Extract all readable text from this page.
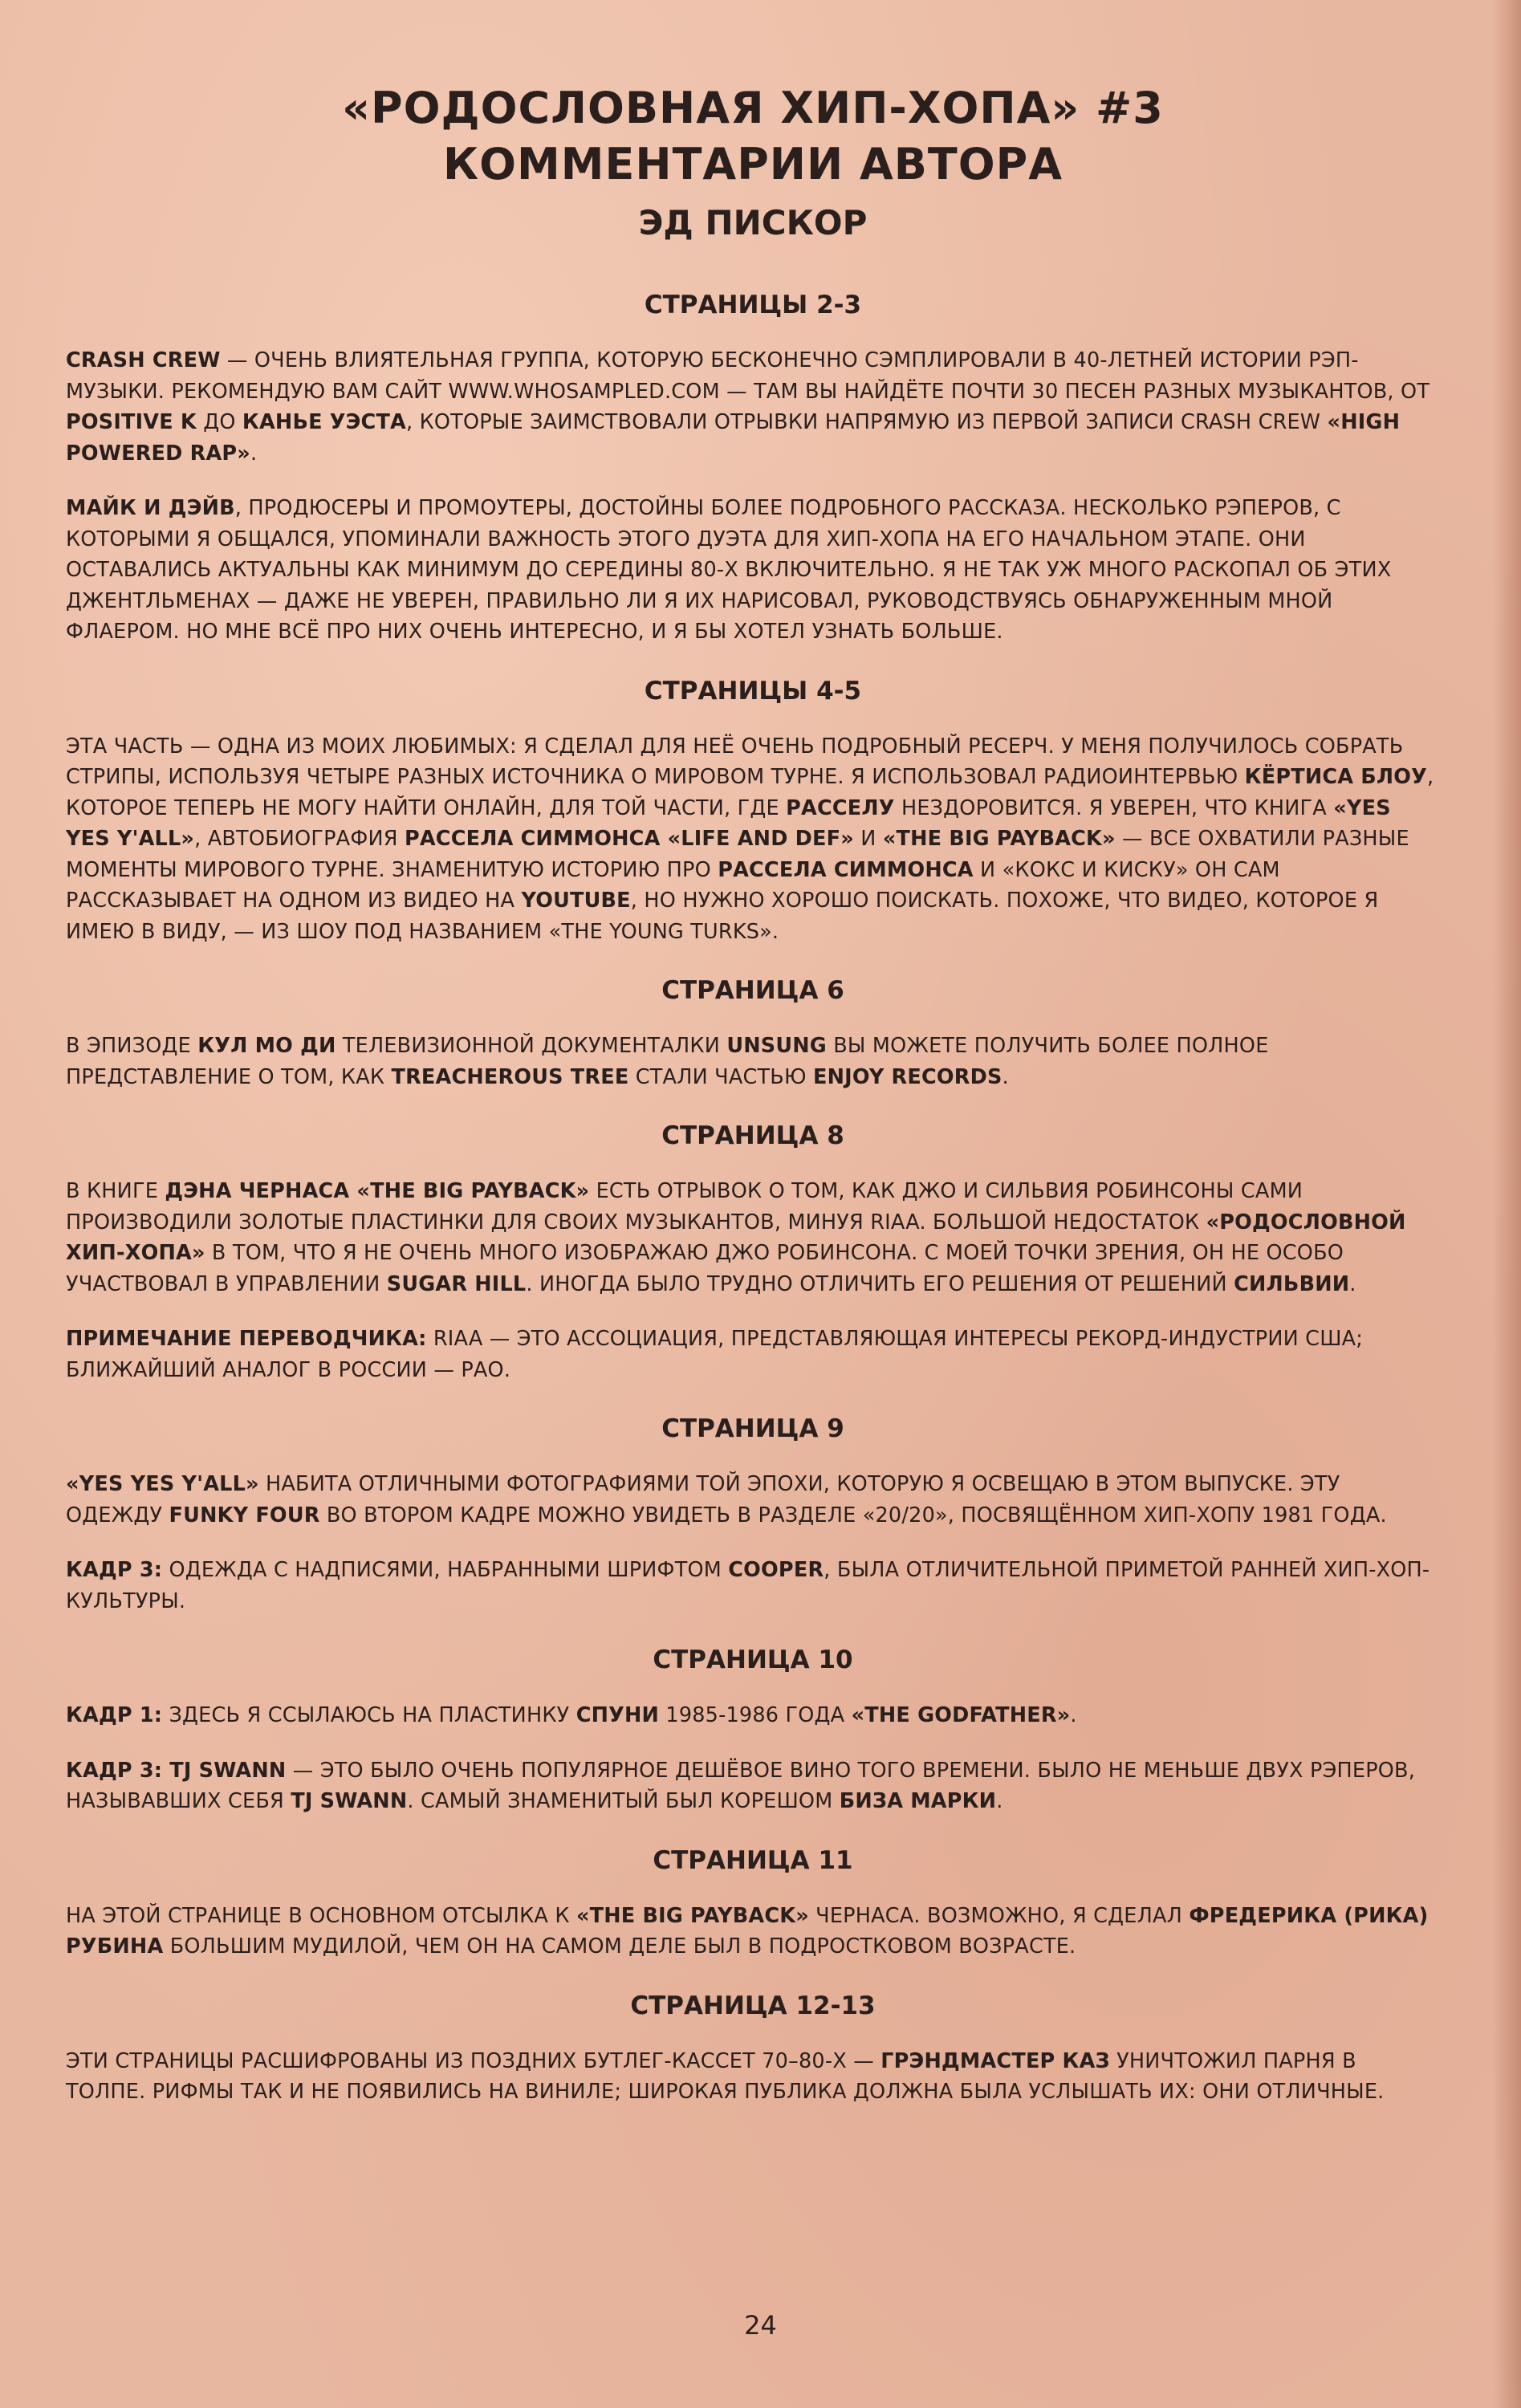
«РОДОСЛОВНАЯ ХИП-ХОПА» #3
КОММЕНТАРИИ АВТОРА
ЭД ПИСКОР
СТРАНИЦЫ 2-3

CRASH CREW — ОЧЕНЬ ВЛИЯТЕЛЬНАЯ ГРУППА, КОТОРУЮ БЕСКОНЕЧНО СЭМПЛИРОВАЛИ В 40-ЛЕТНЕЙ ИСТОРИИ РЭП-МУЗЫКИ. РЕКОМЕНДУЮ ВАМ САЙТ WWW.WHOSAMPLED.COM — ТАМ ВЫ НАЙДЁТЕ ПОЧТИ 30 ПЕСЕН РАЗНЫХ МУЗЫКАНТОВ, ОТ POSITIVE K ДО КАНЬЕ УЭСТА, КОТОРЫЕ ЗАИМСТВОВАЛИ ОТРЫВКИ НАПРЯМУЮ ИЗ ПЕРВОЙ ЗАПИСИ CRASH CREW «HIGH POWERED RAP».

МАЙК И ДЭЙВ, ПРОДЮСЕРЫ И ПРОМОУТЕРЫ, ДОСТОЙНЫ БОЛЕЕ ПОДРОБНОГО РАССКАЗА. НЕСКОЛЬКО РЭПЕРОВ, С КОТОРЫМИ Я ОБЩАЛСЯ, УПОМИНАЛИ ВАЖНОСТЬ ЭТОГО ДУЭТА ДЛЯ ХИП-ХОПА НА ЕГО НАЧАЛЬНОМ ЭТАПЕ. ОНИ ОСТАВАЛИСЬ АКТУАЛЬНЫ КАК МИНИМУМ ДО СЕРЕДИНЫ 80-Х ВКЛЮЧИТЕЛЬНО. Я НЕ ТАК УЖ МНОГО РАСКОПАЛ ОБ ЭТИХ ДЖЕНТЛЬМЕНАХ — ДАЖЕ НЕ УВЕРЕН, ПРАВИЛЬНО ЛИ Я ИХ НАРИСОВАЛ, РУКОВОДСТВУЯСЬ ОБНАРУЖЕННЫМ МНОЙ ФЛАЕРОМ. НО МНЕ ВСЁ ПРО НИХ ОЧЕНЬ ИНТЕРЕСНО, И Я БЫ ХОТЕЛ УЗНАТЬ БОЛЬШЕ.

СТРАНИЦЫ 4-5

ЭТА ЧАСТЬ — ОДНА ИЗ МОИХ ЛЮБИМЫХ: Я СДЕЛАЛ ДЛЯ НЕЁ ОЧЕНЬ ПОДРОБНЫЙ РЕСЕРЧ. У МЕНЯ ПОЛУЧИЛОСЬ СОБРАТЬ СТРИПЫ, ИСПОЛЬЗУЯ ЧЕТЫРЕ РАЗНЫХ ИСТОЧНИКА О МИРОВОМ ТУРНЕ. Я ИСПОЛЬЗОВАЛ РАДИОИНТЕРВЬЮ КЁРТИСА БЛОУ, КОТОРОЕ ТЕПЕРЬ НЕ МОГУ НАЙТИ ОНЛАЙН, ДЛЯ ТОЙ ЧАСТИ, ГДЕ РАССЕЛУ НЕЗДОРОВИТСЯ. Я УВЕРЕН, ЧТО КНИГА «YES YES Y'ALL», АВТОБИОГРАФИЯ РАССЕЛА СИММОНСА «LIFE AND DEF» И «THE BIG PAYBACK» — ВСЕ ОХВАТИЛИ РАЗНЫЕ МОМЕНТЫ МИРОВОГО ТУРНЕ. ЗНАМЕНИТУЮ ИСТОРИЮ ПРО РАССЕЛА СИММОНСА И «КОКС И КИСКУ» ОН САМ РАССКАЗЫВАЕТ НА ОДНОМ ИЗ ВИДЕО НА YOUTUBE, НО НУЖНО ХОРОШО ПОИСКАТЬ. ПОХОЖЕ, ЧТО ВИДЕО, КОТОРОЕ Я ИМЕЮ В ВИДУ, — ИЗ ШОУ ПОД НАЗВАНИЕМ «THE YOUNG TURKS».

СТРАНИЦА 6

В ЭПИЗОДЕ КУЛ МО ДИ ТЕЛЕВИЗИОННОЙ ДОКУМЕНТАЛКИ UNSUNG ВЫ МОЖЕТЕ ПОЛУЧИТЬ БОЛЕЕ ПОЛНОЕ ПРЕДСТАВЛЕНИЕ О ТОМ, КАК TREACHEROUS TREE СТАЛИ ЧАСТЬЮ ENJOY RECORDS.

СТРАНИЦА 8

В КНИГЕ ДЭНА ЧЕРНАСА «THE BIG PAYBACK» ЕСТЬ ОТРЫВОК О ТОМ, КАК ДЖО И СИЛЬВИЯ РОБИНСОНЫ САМИ ПРОИЗВОДИЛИ ЗОЛОТЫЕ ПЛАСТИНКИ ДЛЯ СВОИХ МУЗЫКАНТОВ, МИНУЯ RIAA. БОЛЬШОЙ НЕДОСТАТОК «РОДОСЛОВНОЙ ХИП-ХОПА» В ТОМ, ЧТО Я НЕ ОЧЕНЬ МНОГО ИЗОБРАЖАЮ ДЖО РОБИНСОНА. С МОЕЙ ТОЧКИ ЗРЕНИЯ, ОН НЕ ОСОБО УЧАСТВОВАЛ В УПРАВЛЕНИИ SUGAR HILL. ИНОГДА БЫЛО ТРУДНО ОТЛИЧИТЬ ЕГО РЕШЕНИЯ ОТ РЕШЕНИЙ СИЛЬВИИ.

ПРИМЕЧАНИЕ ПЕРЕВОДЧИКА: RIAA — ЭТО АССОЦИАЦИЯ, ПРЕДСТАВЛЯЮЩАЯ ИНТЕРЕСЫ РЕКОРД-ИНДУСТРИИ США; БЛИЖАЙШИЙ АНАЛОГ В РОССИИ — РАО.

СТРАНИЦА 9

«YES YES Y'ALL» НАБИТА ОТЛИЧНЫМИ ФОТОГРАФИЯМИ ТОЙ ЭПОХИ, КОТОРУЮ Я ОСВЕЩАЮ В ЭТОМ ВЫПУСКЕ. ЭТУ ОДЕЖДУ FUNKY FOUR ВО ВТОРОМ КАДРЕ МОЖНО УВИДЕТЬ В РАЗДЕЛЕ «20/20», ПОСВЯЩЁННОМ ХИП-ХОПУ 1981 ГОДА.

КАДР 3: ОДЕЖДА С НАДПИСЯМИ, НАБРАННЫМИ ШРИФТОМ COOPER, БЫЛА ОТЛИЧИТЕЛЬНОЙ ПРИМЕТОЙ РАННЕЙ ХИП-ХОП-КУЛЬТУРЫ.

СТРАНИЦА 10

КАДР 1: ЗДЕСЬ Я ССЫЛАЮСЬ НА ПЛАСТИНКУ СПУНИ 1985-1986 ГОДА «THE GODFATHER».

КАДР 3: TJ SWANN — ЭТО БЫЛО ОЧЕНЬ ПОПУЛЯРНОЕ ДЕШЁВОЕ ВИНО ТОГО ВРЕМЕНИ. БЫЛО НЕ МЕНЬШЕ ДВУХ РЭПЕРОВ, НАЗЫВАВШИХ СЕБЯ TJ SWANN. САМЫЙ ЗНАМЕНИТЫЙ БЫЛ КОРЕШОМ БИЗА МАРКИ.

СТРАНИЦА 11

НА ЭТОЙ СТРАНИЦЕ В ОСНОВНОМ ОТСЫЛКА К «THE BIG PAYBACK» ЧЕРНАСА. ВОЗМОЖНО, Я СДЕЛАЛ ФРЕДЕРИКА (РИКА) РУБИНА БОЛЬШИМ МУДИЛОЙ, ЧЕМ ОН НА САМОМ ДЕЛЕ БЫЛ В ПОДРОСТКОВОМ ВОЗРАСТЕ.

СТРАНИЦА 12-13

ЭТИ СТРАНИЦЫ РАСШИФРОВАНЫ ИЗ ПОЗДНИХ БУТЛЕГ-КАССЕТ 70–80-Х — ГРЭНДМАСТЕР КАЗ УНИЧТОЖИЛ ПАРНЯ В ТОЛПЕ. РИФМЫ ТАК И НЕ ПОЯВИЛИСЬ НА ВИНИЛЕ; ШИРОКАЯ ПУБЛИКА ДОЛЖНА БЫЛА УСЛЫШАТЬ ИХ: ОНИ ОТЛИЧНЫЕ.

24
